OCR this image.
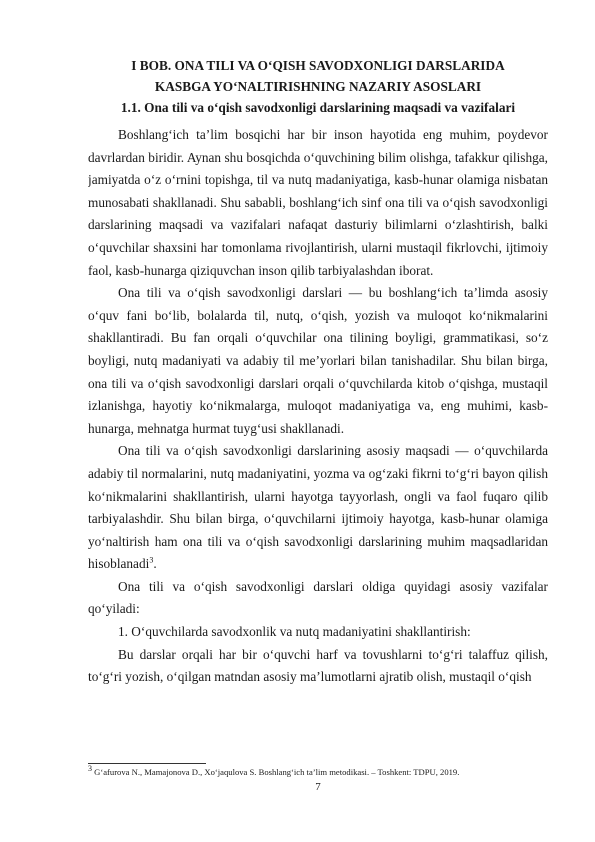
I BOB. ONA TILI VA O‘QISH SAVODXONLIGI DARSLARIDA
KASBGA YO‘NALTIRISHNING NAZARIY ASOSLARI
1.1. Ona tili va o‘qish savodxonligi darslarining maqsadi va vazifalari

Boshlang‘ich ta’lim bosqichi har bir inson hayotida eng muhim, poydevor davrlardan biridir. Aynan shu bosqichda o‘quvchining bilim olishga, tafakkur qilishga, jamiyatda o‘z o‘rnini topishga, til va nutq madaniyatiga, kasb-hunar olamiga nisbatan munosabati shakllanadi. Shu sababli, boshlang‘ich sinf ona tili va o‘qish savodxonligi darslarining maqsadi va vazifalari nafaqat dasturiy bilimlarni o‘zlashtirish, balki o‘quvchilar shaxsini har tomonlama rivojlantirish, ularni mustaqil fikrlovchi, ijtimoiy faol, kasb-hunarga qiziquvchan inson qilib tarbiyalashdan iborat.

Ona tili va o‘qish savodxonligi darslari — bu boshlang‘ich ta’limda asosiy o‘quv fani bo‘lib, bolalarda til, nutq, o‘qish, yozish va muloqot ko‘nikmalarini shakllantiradi. Bu fan orqali o‘quvchilar ona tilining boyligi, grammatikasi, so‘z boyligi, nutq madaniyati va adabiy til me’yorlari bilan tanishadilar. Shu bilan birga, ona tili va o‘qish savodxonligi darslari orqali o‘quvchilarda kitob o‘qishga, mustaqil izlanishga, hayotiy ko‘nikmalarga, muloqot madaniyatiga va, eng muhimi, kasb-hunarga, mehnatga hurmat tuyg‘usi shakllanadi.

Ona tili va o‘qish savodxonligi darslarining asosiy maqsadi — o‘quvchilarda adabiy til normalarini, nutq madaniyatini, yozma va og‘zaki fikrni to‘g‘ri bayon qilish ko‘nikmalarini shakllantirish, ularni hayotga tayyorlash, ongli va faol fuqaro qilib tarbiyalashdir. Shu bilan birga, o‘quvchilarni ijtimoiy hayotga, kasb-hunar olamiga yo‘naltirish ham ona tili va o‘qish savodxonligi darslarining muhim maqsadlaridan hisoblanadi$^3$.

Ona tili va o‘qish savodxonligi darslari oldiga quyidagi asosiy vazifalar qo‘yiladi:

1. O‘quvchilarda savodxonlik va nutq madaniyatini shakllantirish:

Bu darslar orqali har bir o‘quvchi harf va tovushlarni to‘g‘ri talaffuz qilish, to‘g‘ri yozish, o‘qilgan matndan asosiy ma’lumotlarni ajratib olish, mustaqil o‘qish

$^3$ G‘afurova N., Mamajonova D., Xo‘jaqulova S. Boshlang‘ich ta’lim metodikasi. – Toshkent: TDPU, 2019.

7
